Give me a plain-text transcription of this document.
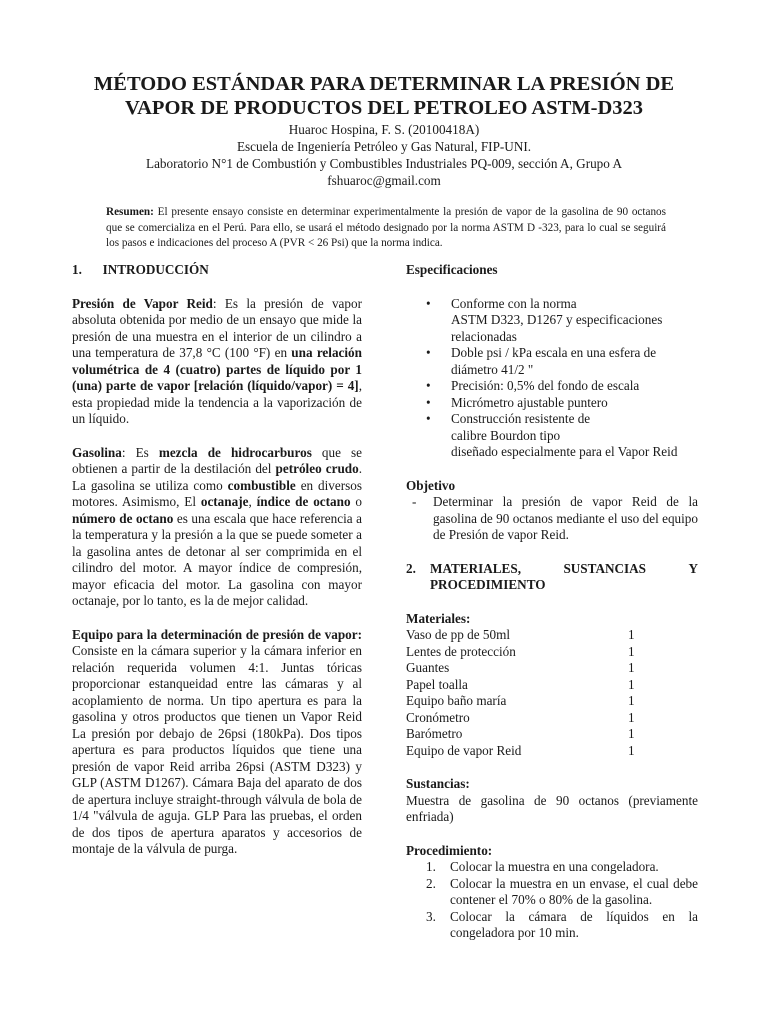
MÉTODO ESTÁNDAR PARA DETERMINAR LA PRESIÓN DE
VAPOR DE PRODUCTOS DEL PETROLEO ASTM-D323
Huaroc Hospina, F. S. (20100418A)
Escuela de Ingeniería Petróleo y Gas Natural, FIP-UNI.
Laboratorio N°1 de Combustión y Combustibles Industriales PQ-009, sección A, Grupo A
fshuaroc@gmail.com
Resumen: El presente ensayo consiste en determinar experimentalmente la presión de vapor de la gasolina de 90 octanos que se comercializa en el Perú. Para ello, se usará el método designado por la norma ASTM D -323, para lo cual se seguirá los pasos e indicaciones del proceso A (PVR < 26 Psi) que la norma indica.
1. INTRODUCCIÓN

Presión de Vapor Reid: Es la presión de vapor absoluta obtenida por medio de un ensayo que mide la presión de una muestra en el interior de un cilindro a una temperatura de 37,8 °C (100 °F) en una relación volumétrica de 4 (cuatro) partes de líquido por 1 (una) parte de vapor [relación (líquido/vapor) = 4], esta propiedad mide la tendencia a la vaporización de un líquido.

Gasolina: Es mezcla de hidrocarburos que se obtienen a partir de la destilación del petróleo crudo. La gasolina se utiliza como combustible en diversos motores. Asimismo, El octanaje, índice de octano o número de octano es una escala que hace referencia a la temperatura y la presión a la que se puede someter a la gasolina antes de detonar al ser comprimida en el cilindro del motor. A mayor índice de compresión, mayor eficacia del motor. La gasolina con mayor octanaje, por lo tanto, es la de mejor calidad.

Equipo para la determinación de presión de vapor: Consiste en la cámara superior y la cámara inferior en relación requerida volumen 4:1. Juntas tóricas proporcionar estanqueidad entre las cámaras y al acoplamiento de norma. Un tipo apertura es para la gasolina y otros productos que tienen un Vapor Reid La presión por debajo de 26psi (180kPa). Dos tipos apertura es para productos líquidos que tiene una presión de vapor Reid arriba 26psi (ASTM D323) y GLP (ASTM D1267). Cámara Baja del aparato de dos de apertura incluye straight-through válvula de bola de 1/4 "válvula de aguja. GLP Para las pruebas, el orden de dos tipos de apertura aparatos y accesorios de montaje de la válvula de purga.

Especificaciones
• Conforme con la norma
ASTM D323, D1267 y especificaciones relacionadas
• Doble psi / kPa escala en una esfera de diámetro 41/2 "
• Precisión: 0,5% del fondo de escala
• Micrómetro ajustable puntero
• Construcción resistente de
calibre Bourdon tipo
diseñado especialmente para el Vapor Reid
Objetivo
- Determinar la presión de vapor Reid de la gasolina de 90 octanos mediante el uso del equipo de Presión de vapor Reid.
2.	MATERIALES,	SUSTANCIAS	Y
PROCEDIMIENTO
Materiales:
Vaso de pp de 50ml	1
Lentes de protección	1
Guantes	1
Papel toalla	1
Equipo baño maría	1
Cronómetro	1
Barómetro	1
Equipo de vapor Reid	1
Sustancias:

Muestra de gasolina de 90 octanos (previamente enfriada)

Procedimiento:
1. Colocar la muestra en una congeladora.
2. Colocar la muestra en un envase, el cual debe contener el 70% o 80% de la gasolina.
3. Colocar la cámara de líquidos en la congeladora por 10 min.
